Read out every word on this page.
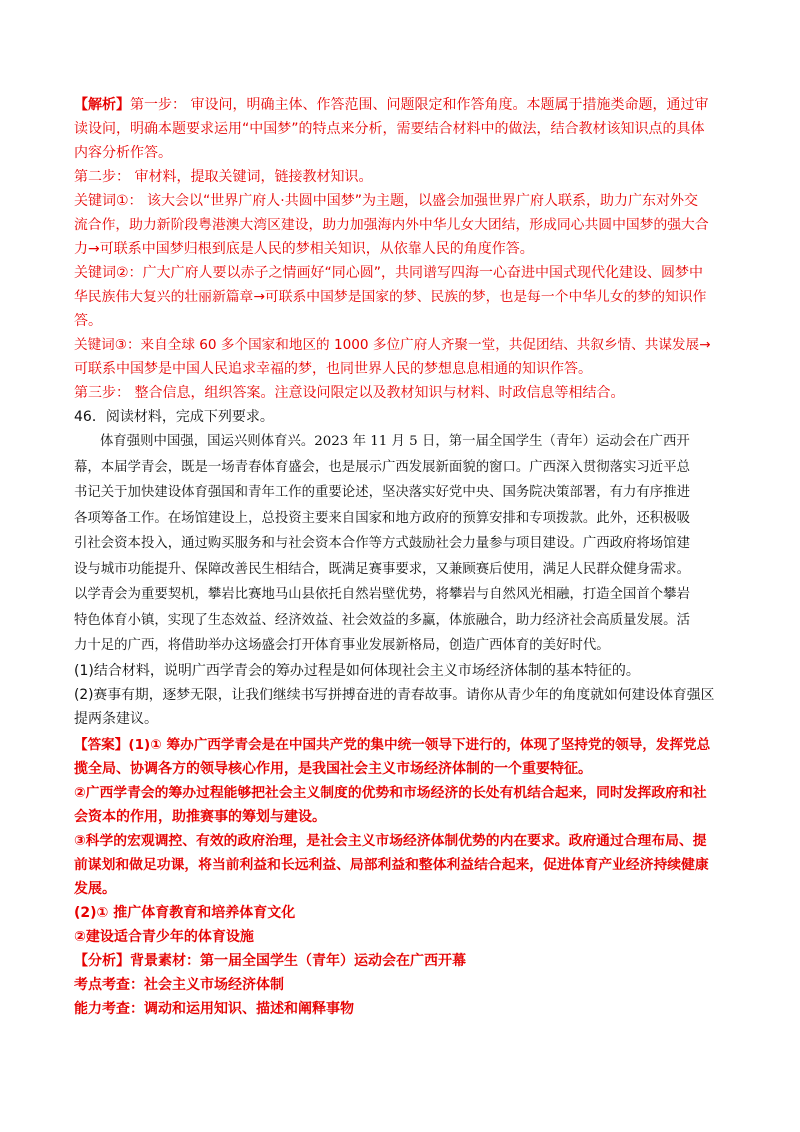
【解析】第一步： 审设问，明确主体、作答范围、问题限定和作答角度。本题属于措施类命题，通过审
读设问，明确本题要求运用“中国梦”的特点来分析，需要结合材料中的做法，结合教材该知识点的具体
内容分析作答。
第二步： 审材料，提取关键词，链接教材知识。
关键词①： 该大会以“世界广府人·共圆中国梦”为主题，以盛会加强世界广府人联系，助力广东对外交
流合作，助力新阶段粤港澳大湾区建设，助力加强海内外中华儿女大团结，形成同心共圆中国梦的强大合
力→可联系中国梦归根到底是人民的梦相关知识，从依靠人民的角度作答。
关键词②：广大广府人要以赤子之情画好“同心圆”，共同谱写四海一心奋进中国式现代化建设、圆梦中
华民族伟大复兴的壮丽新篇章→可联系中国梦是国家的梦、民族的梦，也是每一个中华儿女的梦的知识作
答。
关键词③：来自全球 60 多个国家和地区的 1000 多位广府人齐聚一堂，共促团结、共叙乡情、共谋发展→
可联系中国梦是中国人民追求幸福的梦，也同世界人民的梦想息息相通的知识作答。
第三步： 整合信息，组织答案。注意设问限定以及教材知识与材料、时政信息等相结合。
46．阅读材料，完成下列要求。
体育强则中国强，国运兴则体育兴。2023 年 11 月 5 日，第一届全国学生（青年）运动会在广西开
幕，本届学青会，既是一场青春体育盛会，也是展示广西发展新面貌的窗口。广西深入贯彻落实习近平总
书记关于加快建设体育强国和青年工作的重要论述，坚决落实好党中央、国务院决策部署，有力有序推进
各项筹备工作。在场馆建设上，总投资主要来自国家和地方政府的预算安排和专项拨款。此外，还积极吸
引社会资本投入，通过购买服务和与社会资本合作等方式鼓励社会力量参与项目建设。广西政府将场馆建
设与城市功能提升、保障改善民生相结合，既满足赛事要求，又兼顾赛后使用，满足人民群众健身需求。
以学青会为重要契机，攀岩比赛地马山县依托自然岩壁优势，将攀岩与自然风光相融，打造全国首个攀岩
特色体育小镇，实现了生态效益、经济效益、社会效益的多赢，体旅融合，助力经济社会高质量发展。活
力十足的广西，将借助举办这场盛会打开体育事业发展新格局，创造广西体育的美好时代。
(1)结合材料，说明广西学青会的筹办过程是如何体现社会主义市场经济体制的基本特征的。
(2)赛事有期，逐梦无限，让我们继续书写拼搏奋进的青春故事。请你从青少年的角度就如何建设体育强区
提两条建议。
【答案】(1)① 筹办广西学青会是在中国共产党的集中统一领导下进行的，体现了坚持党的领导，发挥党总
揽全局、协调各方的领导核心作用，是我国社会主义市场经济体制的一个重要特征。
②广西学青会的筹办过程能够把社会主义制度的优势和市场经济的长处有机结合起来，同时发挥政府和社
会资本的作用，助推赛事的筹划与建设。
③科学的宏观调控、有效的政府治理，是社会主义市场经济体制优势的内在要求。政府通过合理布局、提
前谋划和做足功课，将当前利益和长远利益、局部利益和整体利益结合起来，促进体育产业经济持续健康
发展。
(2)① 推广体育教育和培养体育文化
②建设适合青少年的体育设施
【分析】背景素材：第一届全国学生（青年）运动会在广西开幕
考点考查：社会主义市场经济体制
能力考查：调动和运用知识、描述和阐释事物
